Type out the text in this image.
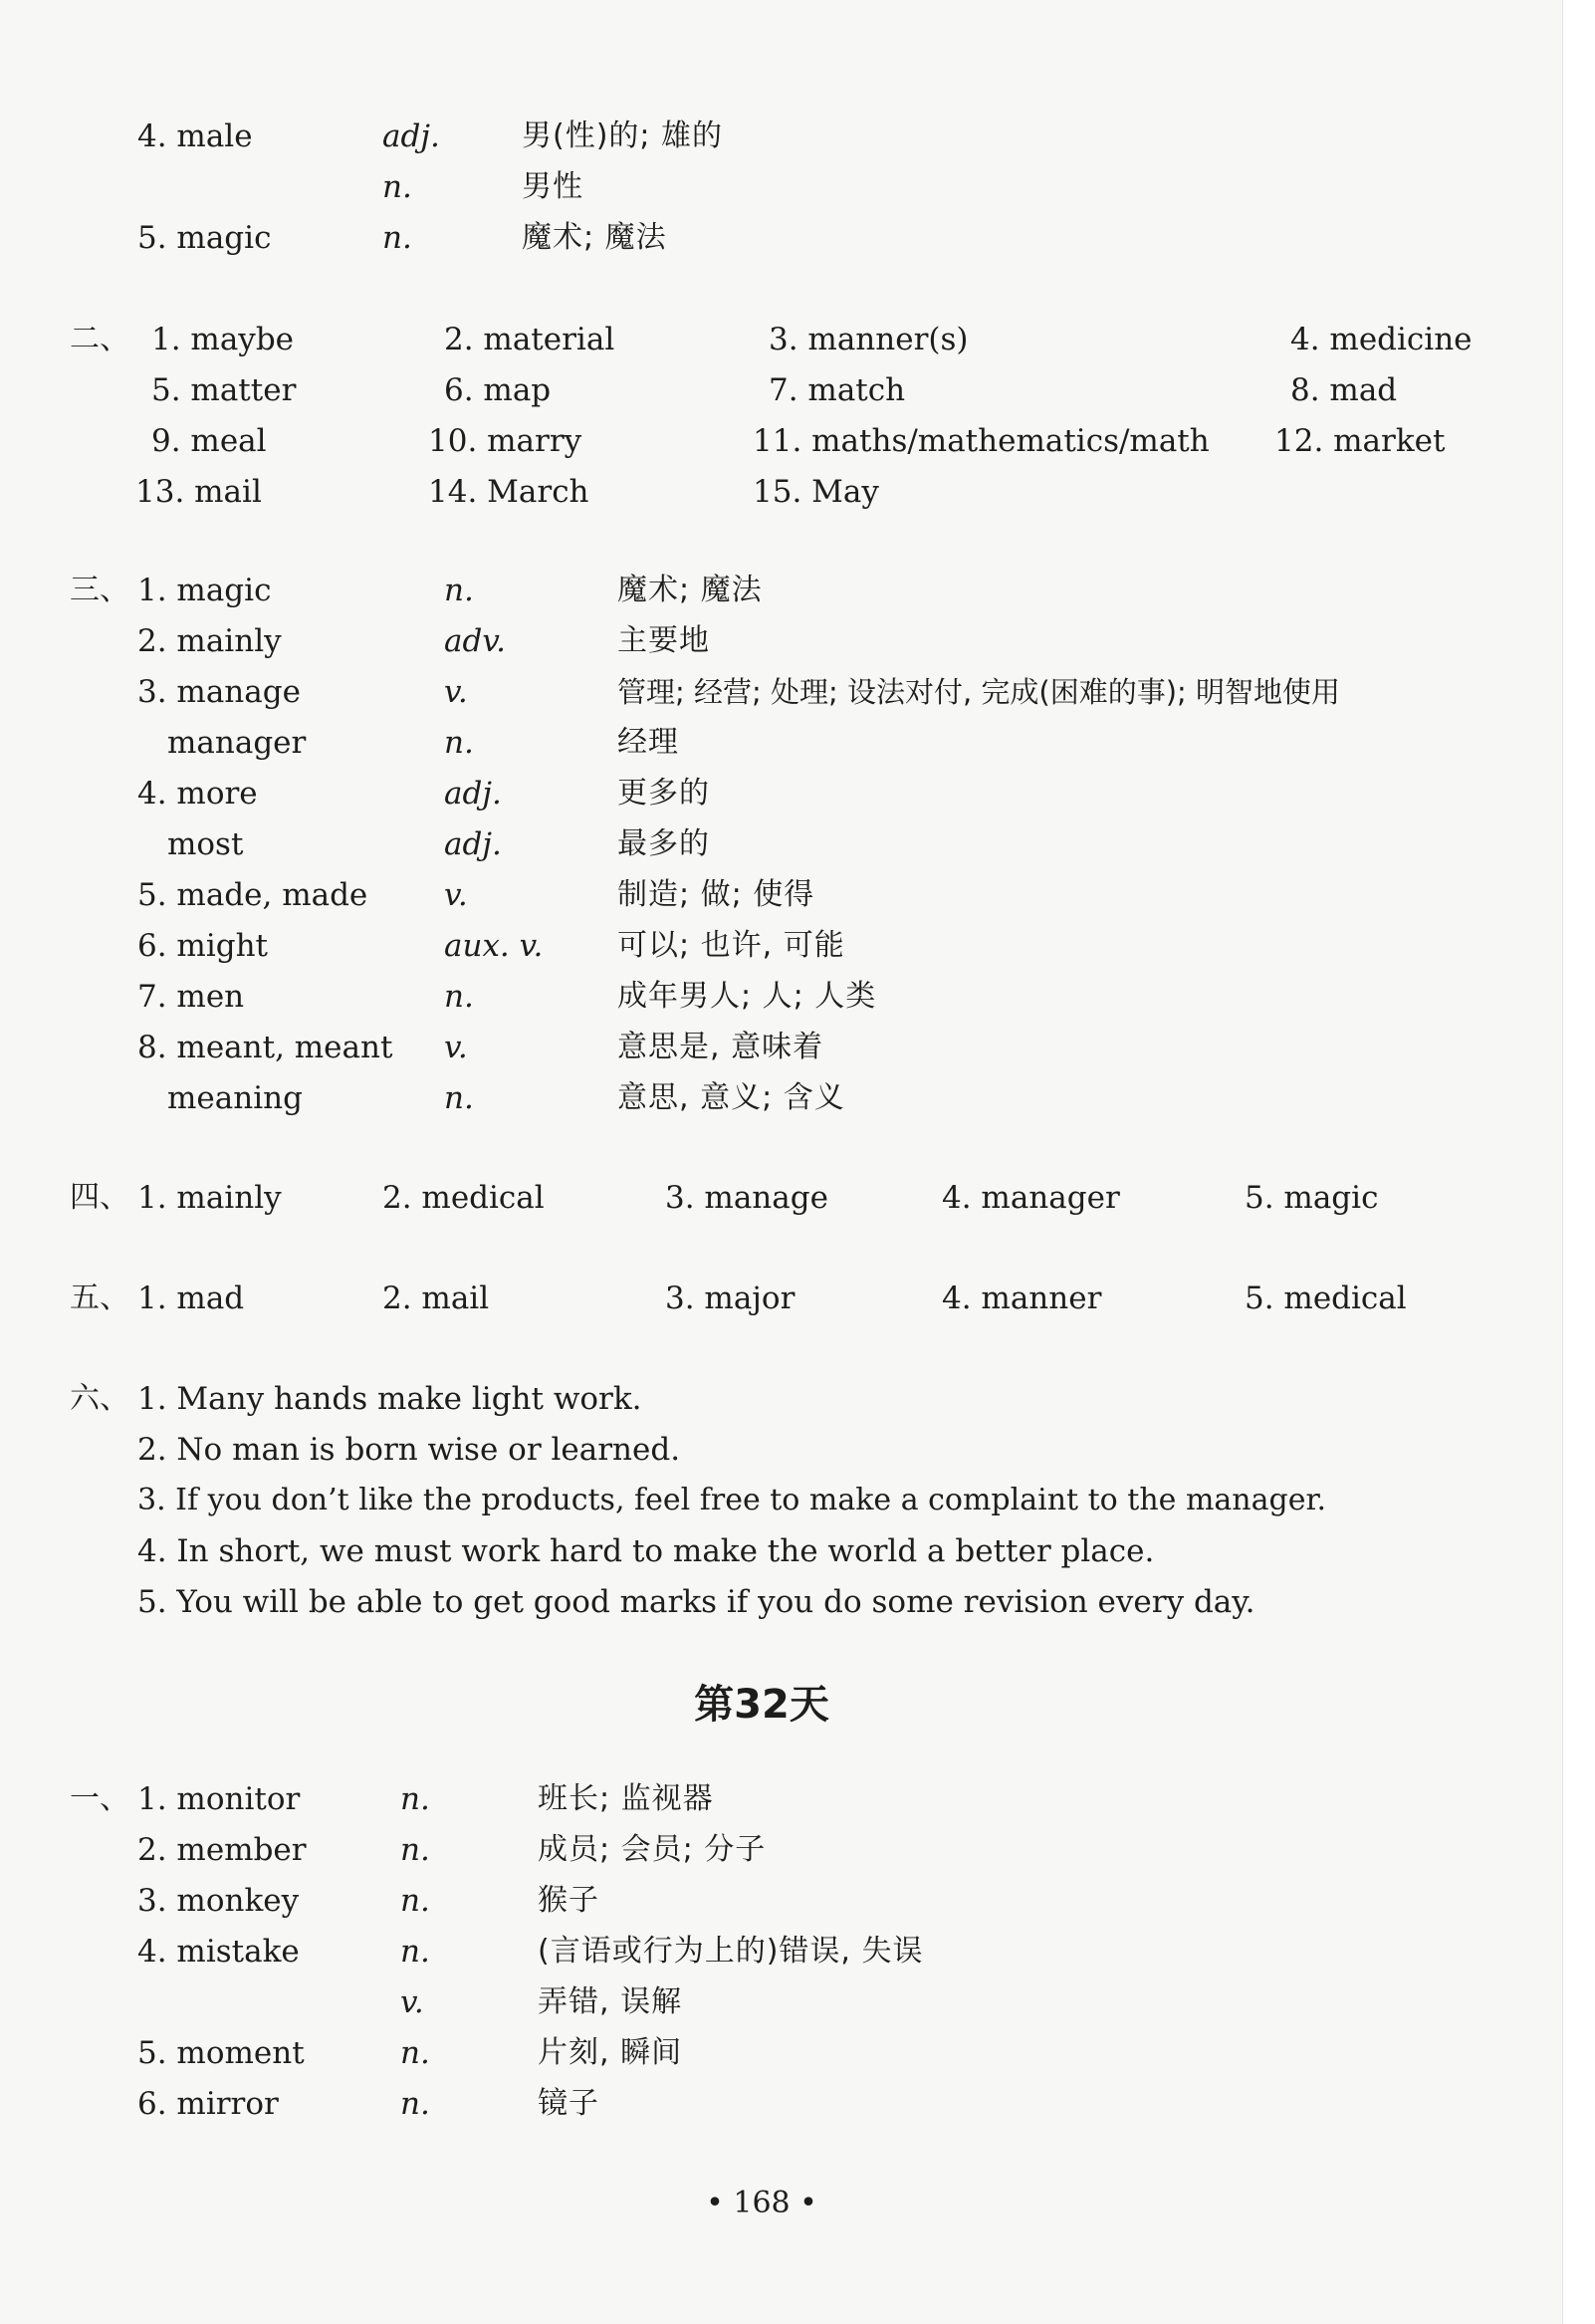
4. male	adj.	男(性)的; 雄的
n.	男性
5. magic	n.	魔术; 魔法
二、 1. maybe	2. material	3. manner(s)	4. medicine
5. matter	6. map	7. match	8. mad
9. meal	10. marry	11. maths/mathematics/math 12. market
13. mail	14. March	15. May
三、 1. magic	n.	魔术; 魔法
2. mainly	adv.	主要地
3. manage	v.	管理; 经营; 处理; 设法对付, 完成(困难的事); 明智地使用
manager	n.	经理
4. more	adj.	更多的
most	adj.	最多的
5. made, made v.	制造; 做; 使得
6. might	aux. v. 可以; 也许, 可能
7. men	n.	成年男人; 人; 人类
8. meant, meant v.	意思是, 意味着
meaning	n.	意思, 意义; 含义
四、 1. mainly	2. medical	3. manage	4. manager	5. magic
五、 1. mad	2. mail	3. major	4. manner	5. medical
六、 1. Many hands make light work.
2. No man is born wise or learned.
3. If you don’t like the products, feel free to make a complaint to the manager.
4. In short, we must work hard to make the world a better place.
5. You will be able to get good marks if you do some revision every day.
第32天
一、 1. monitor	n.	班长; 监视器
2. member	n.	成员; 会员; 分子
3. monkey	n.	猴子
4. mistake	n.	(言语或行为上的)错误, 失误
v.	弄错, 误解
5. moment	n.	片刻, 瞬间
6. mirror	n.	镜子
• 168 •
